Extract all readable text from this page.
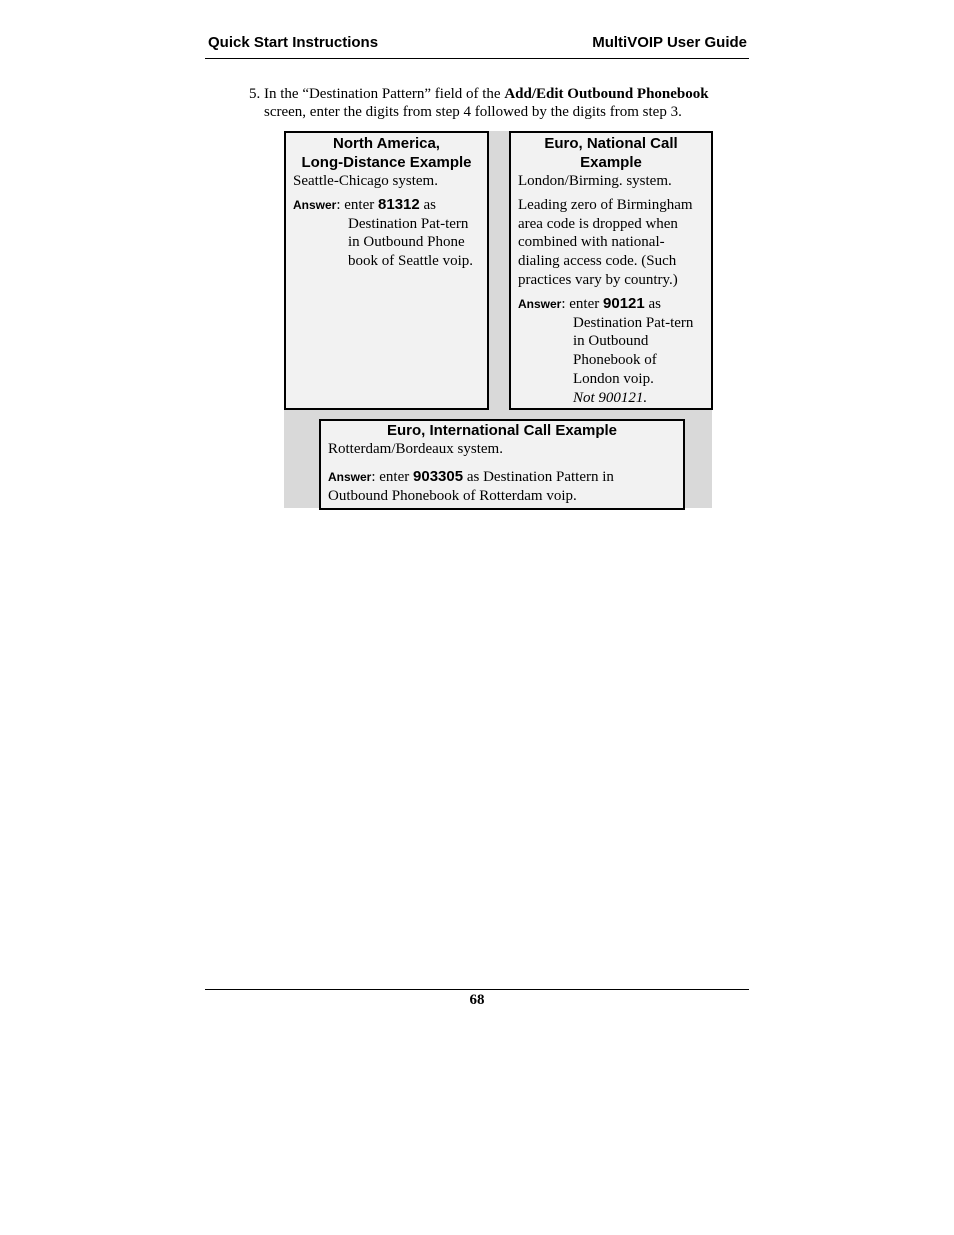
Quick Start Instructions	MultiVOIP User Guide
5. In the “Destination Pattern” field of the Add/Edit Outbound Phonebook
screen, enter the digits from step 4 followed by the digits from step 3.
North America,
Long-Distance Example
Seattle-Chicago system.
Answer: enter 81312 as
Destination Pat-tern
in Outbound Phone
book of Seattle voip.
Euro, National Call
Example
London/Birming. system.
Leading zero of Birmingham
area code is dropped when
combined with national-
dialing access code. (Such
practices vary by country.)
Answer: enter 90121 as
Destination Pat-tern
in Outbound
Phonebook of
London voip.
Not 900121.
Euro, International Call Example
Rotterdam/Bordeaux system.
Answer: enter 903305 as Destination Pattern in
Outbound Phonebook of Rotterdam voip.
68
